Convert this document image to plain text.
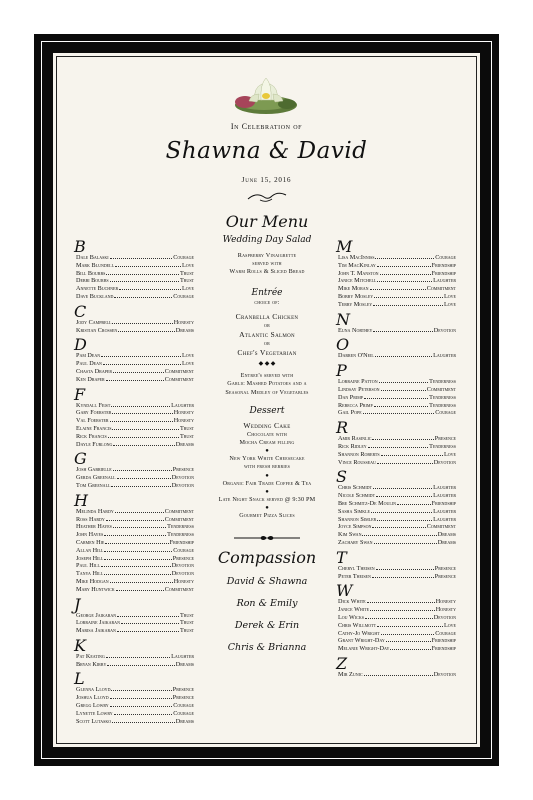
In Celebration of
Shawna & David
June 15, 2016
B
Dale Balaski	Courage
Mark Blundell	Love
Bill Bourbs	Trust
Debbi Bourbs	Trust
Annette Buchner	Love
Dave Buckland	Courage
C
Jody Campbell	Honesty
Kristian Crossen	Dreams
D
Pam Dean	Love
Paul Dean	Love
Chasta Draper	Commitment
Ken Draper	Commitment
F
Kyndall Feist	Laughter
Gary Foerster	Honesty
Val Foerster	Honesty
Elaine Francis	Trust
Rick Francis	Trust
Dayle Furlong	Dreams
G
Josh Gabrielle	Presence
Gerda Greenall	Devotion
Tom Greenall	Devotion
H
Melinda Hardy	Commitment
Ross Hardy	Commitment
Heather Hayes	Tenderness
John Hayes	Tenderness
Carmen Hie	Friendship
Allan Hill	Courage
Joseph Hill	Presence
Paul Hill	Devotion
Tanya Hill	Devotion
Mike Hodgan	Honesty
Mary Huntwick	Commitment
J
George Jaikaran	Trust
Lorraine Jaikaran	Trust
Marisa Jaikaran	Trust
K
Pat Keating	Laughter
Bryan Kirby	Dreams
L
Glenna Lloyd	Presence
Joshua Lloyd	Presence
Gregg Lowry	Courage
Lynette Lowry	Courage
Scott Lutasko	Dreams
M
Lisa MacInniss	Courage
Tim MacKinlay	Friendship
John T. Manston	Friendship
Janice Mitchell	Laughter
Mike Moran	Commitment
Bobby Mosley	Love
Terry Mosley	Love
N
Euna Northey	Devotion
O
Darren O'Neil	Laughter
P
Lorraine Patton	Tenderness
Lindsay Peterson	Commitment
Dan Primp	Tenderness
Rebecca Primp	Tenderness
Gail Pope	Courage
R
Amir Rasinlic	Presence
Rick Ridley	Tenderness
Shannon Roberts	Love
Vince Rousseau	Devotion
S
Chris Schmidt	Laughter
Nicole Schmidt	Laughter
Bre Schmitz-De Moulin	Friendship
Sasha Simkle	Laughter
Shannon Simler	Laughter
Joyce Simpson	Commitment
Kim Swan	Dreams
Zachary Swan	Dreams
T
Cheryl Theisen	Presence
Peter Theisen	Presence
W
Dick White	Honesty
Janice White	Honesty
Lou Wicks	Devotion
Chris Willmott	Love
Cathy-Jo Wright	Courage
Grant Wright-Day	Friendship
Melanie Wright-Day	Friendship
Z
Mir Zunic	Devotion
Our Menu
Wedding Day Salad
Raspberry Vinaigrette
served with
Warm Rolls & Sliced Bread
Entrée
choice of:
Cranbella Chicken
or
Atlantic Salmon
or
Chef's Vegetarian
◆ ◆ ◆
Entree's served with
Garlic Mashed Potatoes and a
Seasonal Medley of Vegetables
Dessert
Wedding Cake
Chocolate with
Mocha Cream filling
●
New York White Cheesecake
with fresh berries
●
Organic Fair Trade Coffee & Tea
●
Late Night Snack served @ 9:30 PM
●
Gourmet Pizza Slices
Compassion
David & Shawna
Ron & Emily
Derek & Erin
Chris & Brianna
